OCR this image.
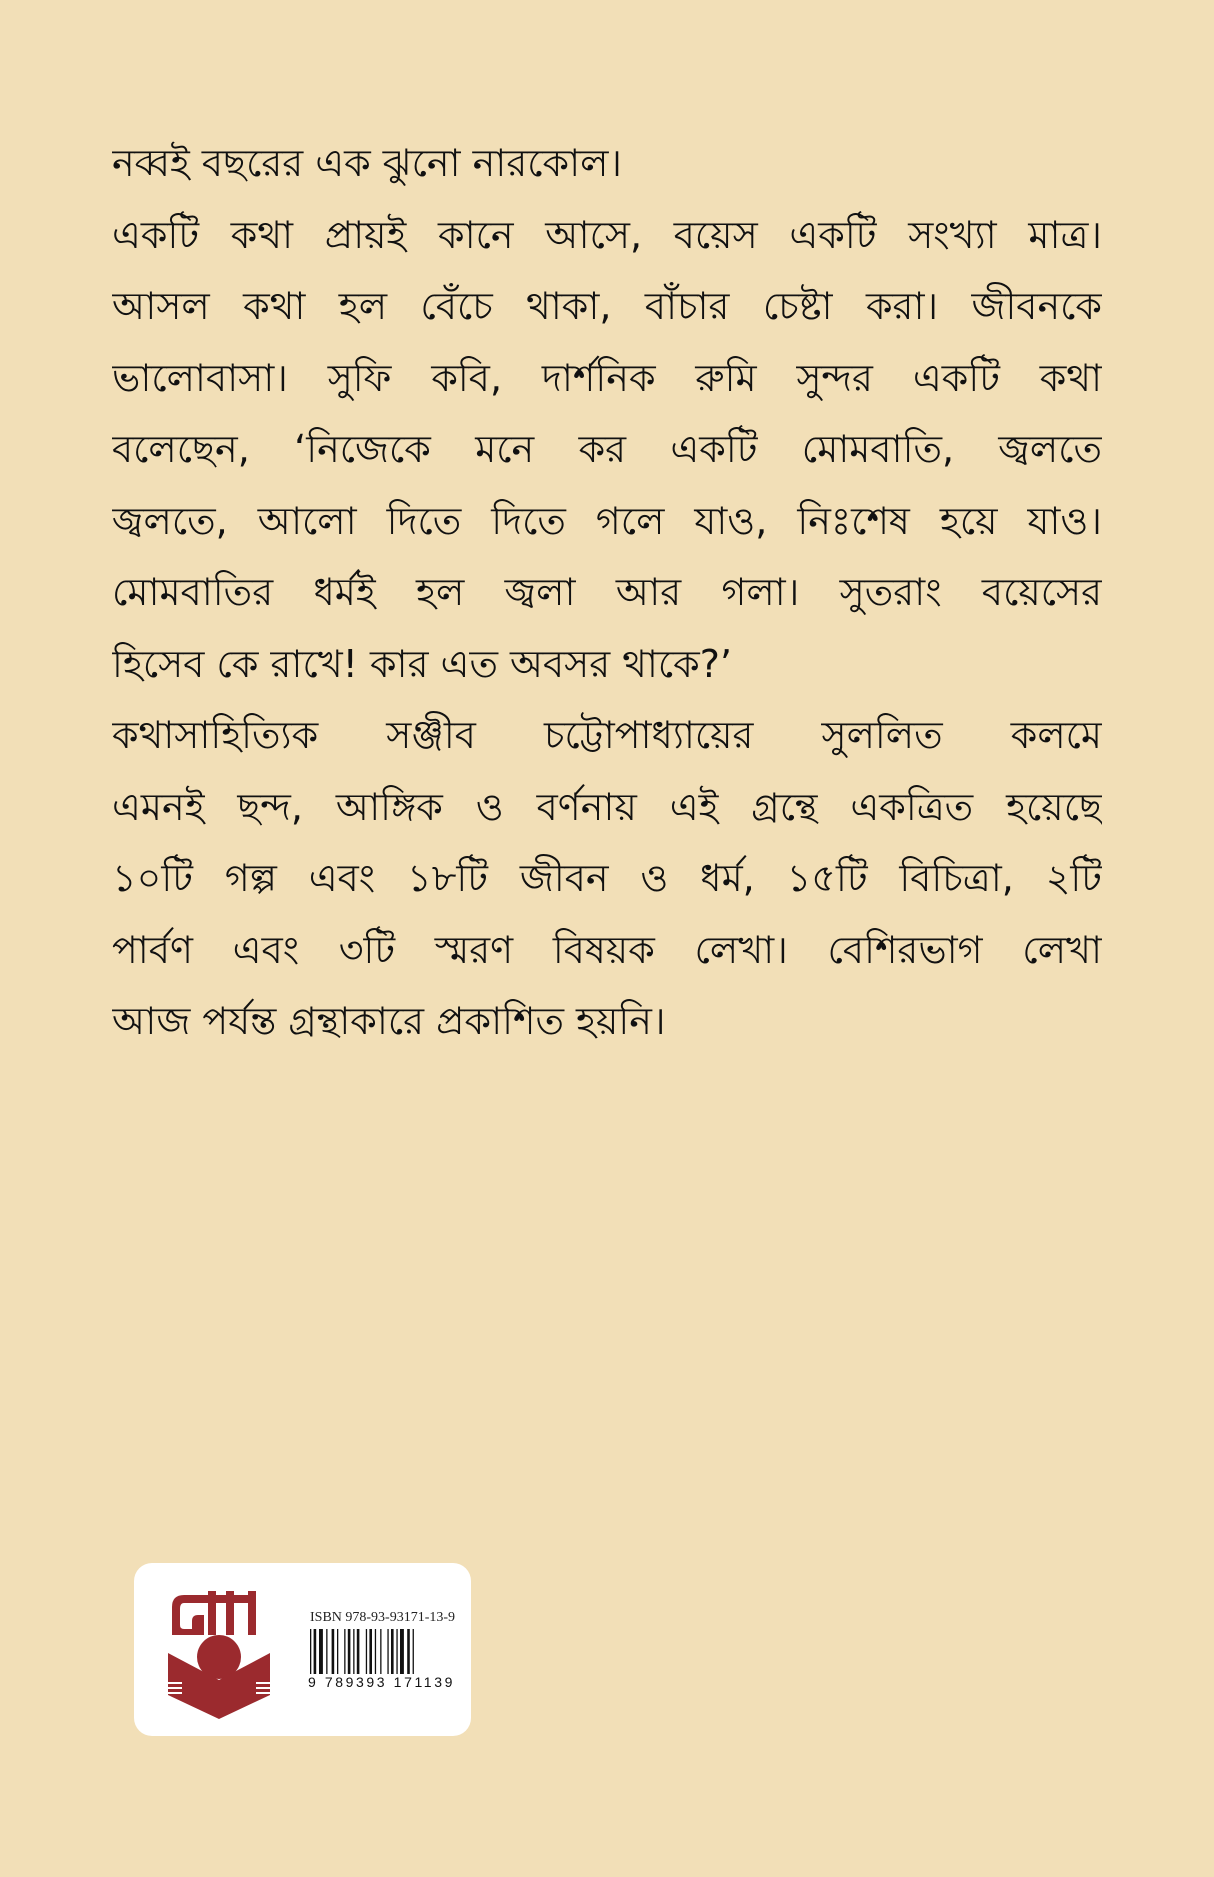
নব্বই বছরের এক ঝুনো নারকোল।
একটি কথা প্রায়ই কানে আসে, বয়েস একটি সংখ্যা মাত্র।
আসল কথা হল বেঁচে থাকা, বাঁচার চেষ্টা করা। জীবনকে
ভালোবাসা। সুফি কবি, দার্শনিক রুমি সুন্দর একটি কথা
বলেছেন, ‘নিজেকে মনে কর একটি মোমবাতি, জ্বলতে
জ্বলতে, আলো দিতে দিতে গলে যাও, নিঃশেষ হয়ে যাও।
মোমবাতির ধর্মই হল জ্বলা আর গলা। সুতরাং বয়েসের
হিসেব কে রাখে! কার এত অবসর থাকে?’
কথাসাহিত্যিক সঞ্জীব চট্টোপাধ্যায়ের সুললিত কলমে
এমনই ছন্দ, আঙ্গিক ও বর্ণনায় এই গ্রন্থে একত্রিত হয়েছে
১০টি গল্প এবং ১৮টি জীবন ও ধর্ম, ১৫টি বিচিত্রা, ২টি
পার্বণ এবং ৩টি স্মরণ বিষয়ক লেখা। বেশিরভাগ লেখা
আজ পর্যন্ত গ্রন্থাকারে প্রকাশিত হয়নি।
ISBN 978-93-93171-13-9
9 789393 171139
